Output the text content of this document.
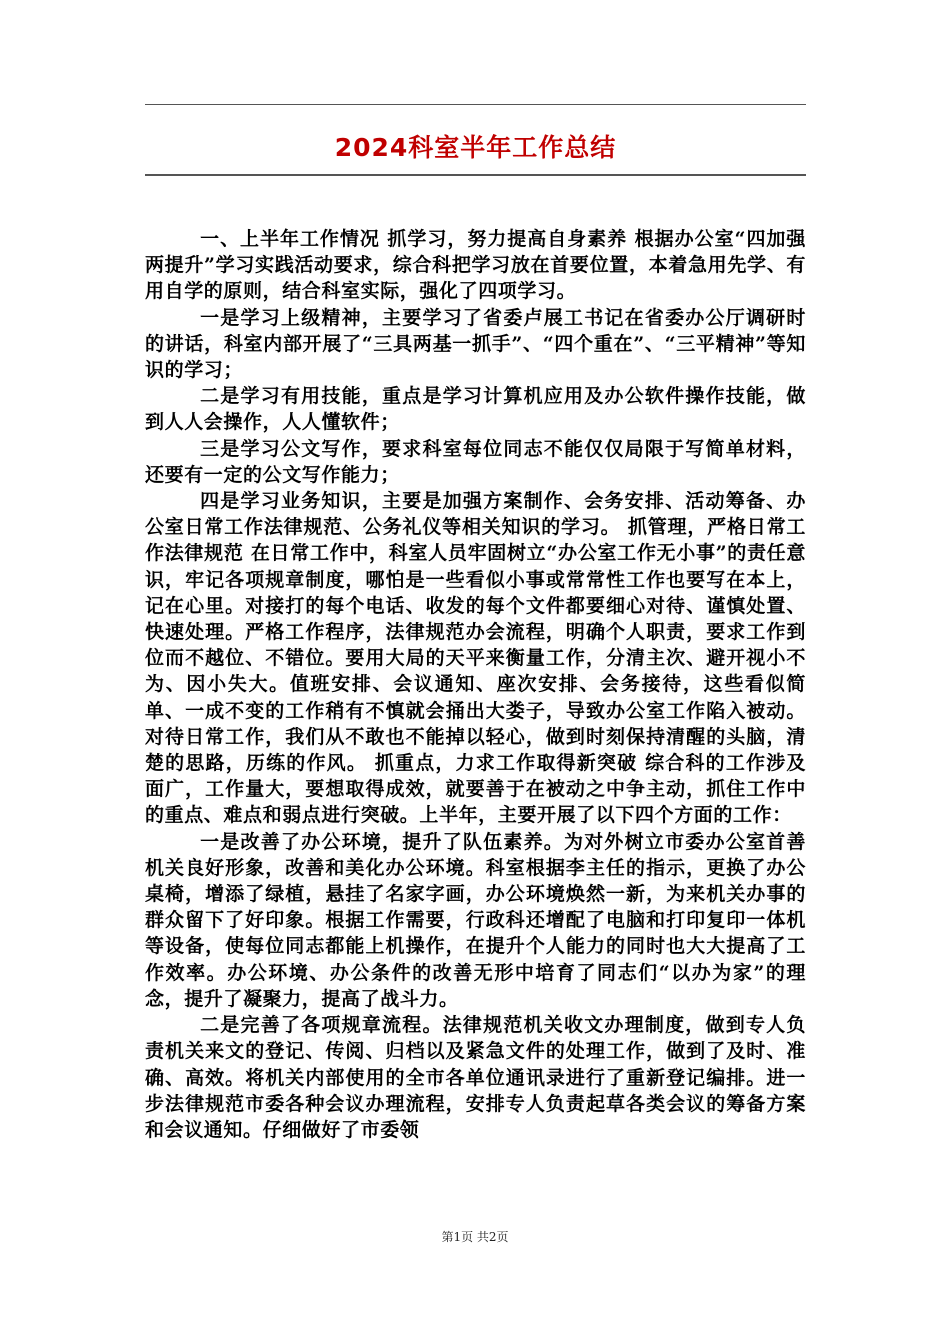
2024科室半年工作总结

一、上半年工作情况 抓学习，努力提高自身素养 根据办公室“四加强 两提升”学习实践活动要求，综合科把学习放在首要位置，本着急用先学、有用自学的原则，结合科室实际，强化了四项学习。

一是学习上级精神，主要学习了省委卢展工书记在省委办公厅调研时的讲话，科室内部开展了“三具两基一抓手”、“四个重在”、“三平精神”等知识的学习；

二是学习有用技能，重点是学习计算机应用及办公软件操作技能，做到人人会操作，人人懂软件；

三是学习公文写作，要求科室每位同志不能仅仅局限于写简单材料，还要有一定的公文写作能力；

四是学习业务知识，主要是加强方案制作、会务安排、活动筹备、办公室日常工作法律规范、公务礼仪等相关知识的学习。 抓管理，严格日常工作法律规范 在日常工作中，科室人员牢固树立“办公室工作无小事”的责任意识，牢记各项规章制度，哪怕是一些看似小事或常常性工作也要写在本上，记在心里。对接打的每个电话、收发的每个文件都要细心对待、谨慎处置、快速处理。严格工作程序，法律规范办会流程，明确个人职责，要求工作到位而不越位、不错位。要用大局的天平来衡量工作，分清主次、避开视小不为、因小失大。值班安排、会议通知、座次安排、会务接待，这些看似简单、一成不变的工作稍有不慎就会捅出大娄子，导致办公室工作陷入被动。对待日常工作，我们从不敢也不能掉以轻心，做到时刻保持清醒的头脑，清楚的思路，历练的作风。 抓重点，力求工作取得新突破 综合科的工作涉及面广，工作量大，要想取得成效，就要善于在被动之中争主动，抓住工作中的重点、难点和弱点进行突破。上半年，主要开展了以下四个方面的工作：

一是改善了办公环境，提升了队伍素养。为对外树立市委办公室首善机关良好形象，改善和美化办公环境。科室根据李主任的指示，更换了办公桌椅，增添了绿植，悬挂了名家字画，办公环境焕然一新，为来机关办事的群众留下了好印象。根据工作需要，行政科还增配了电脑和打印复印一体机等设备，使每位同志都能上机操作，在提升个人能力的同时也大大提高了工作效率。办公环境、办公条件的改善无形中培育了同志们“以办为家”的理念，提升了凝聚力，提高了战斗力。

二是完善了各项规章流程。法律规范机关收文办理制度，做到专人负责机关来文的登记、传阅、归档以及紧急文件的处理工作，做到了及时、准确、高效。将机关内部使用的全市各单位通讯录进行了重新登记编排。进一步法律规范市委各种会议办理流程，安排专人负责起草各类会议的筹备方案和会议通知。仔细做好了市委领

第1页 共2页
